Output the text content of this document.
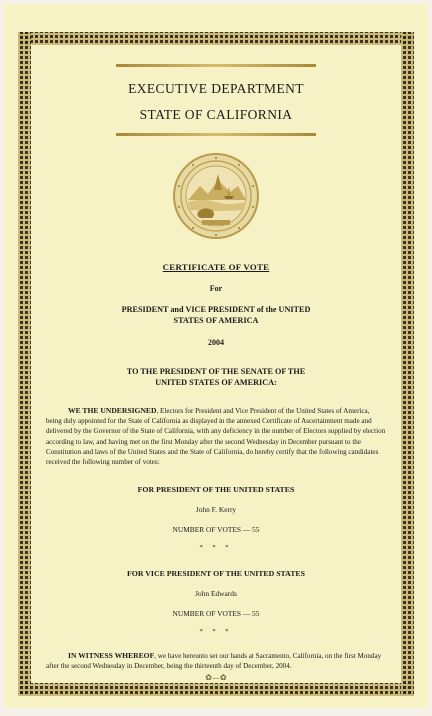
EXECUTIVE DEPARTMENT
STATE OF CALIFORNIA
CERTIFICATE OF VOTE
For
PRESIDENT and VICE PRESIDENT of the UNITED STATES OF AMERICA
2004
TO THE PRESIDENT OF THE SENATE OF THE UNITED STATES OF AMERICA:

WE THE UNDERSIGNED, Electors for President and Vice President of the United States of America, being duly appointed for the State of California as displayed in the annexed Certificate of Ascertainment made and delivered by the Governor of the State of California, with any deficiency in the number of Electors supplied by election according to law, and having met on the first Monday after the second Wednesday in December pursuant to the Constitution and laws of the United States and the State of California, do hereby certify that the following candidates received the following number of votes:

FOR PRESIDENT OF THE UNITED STATES
John F. Kerry
NUMBER OF VOTES — 55
* * *
FOR VICE PRESIDENT OF THE UNITED STATES
John Edwards
NUMBER OF VOTES — 55
* * *

IN WITNESS WHEREOF, we have hereunto set our hands at Sacramento, California, on the first Monday after the second Wednesday in December, being the thirteenth day of December, 2004.

✿—✿
